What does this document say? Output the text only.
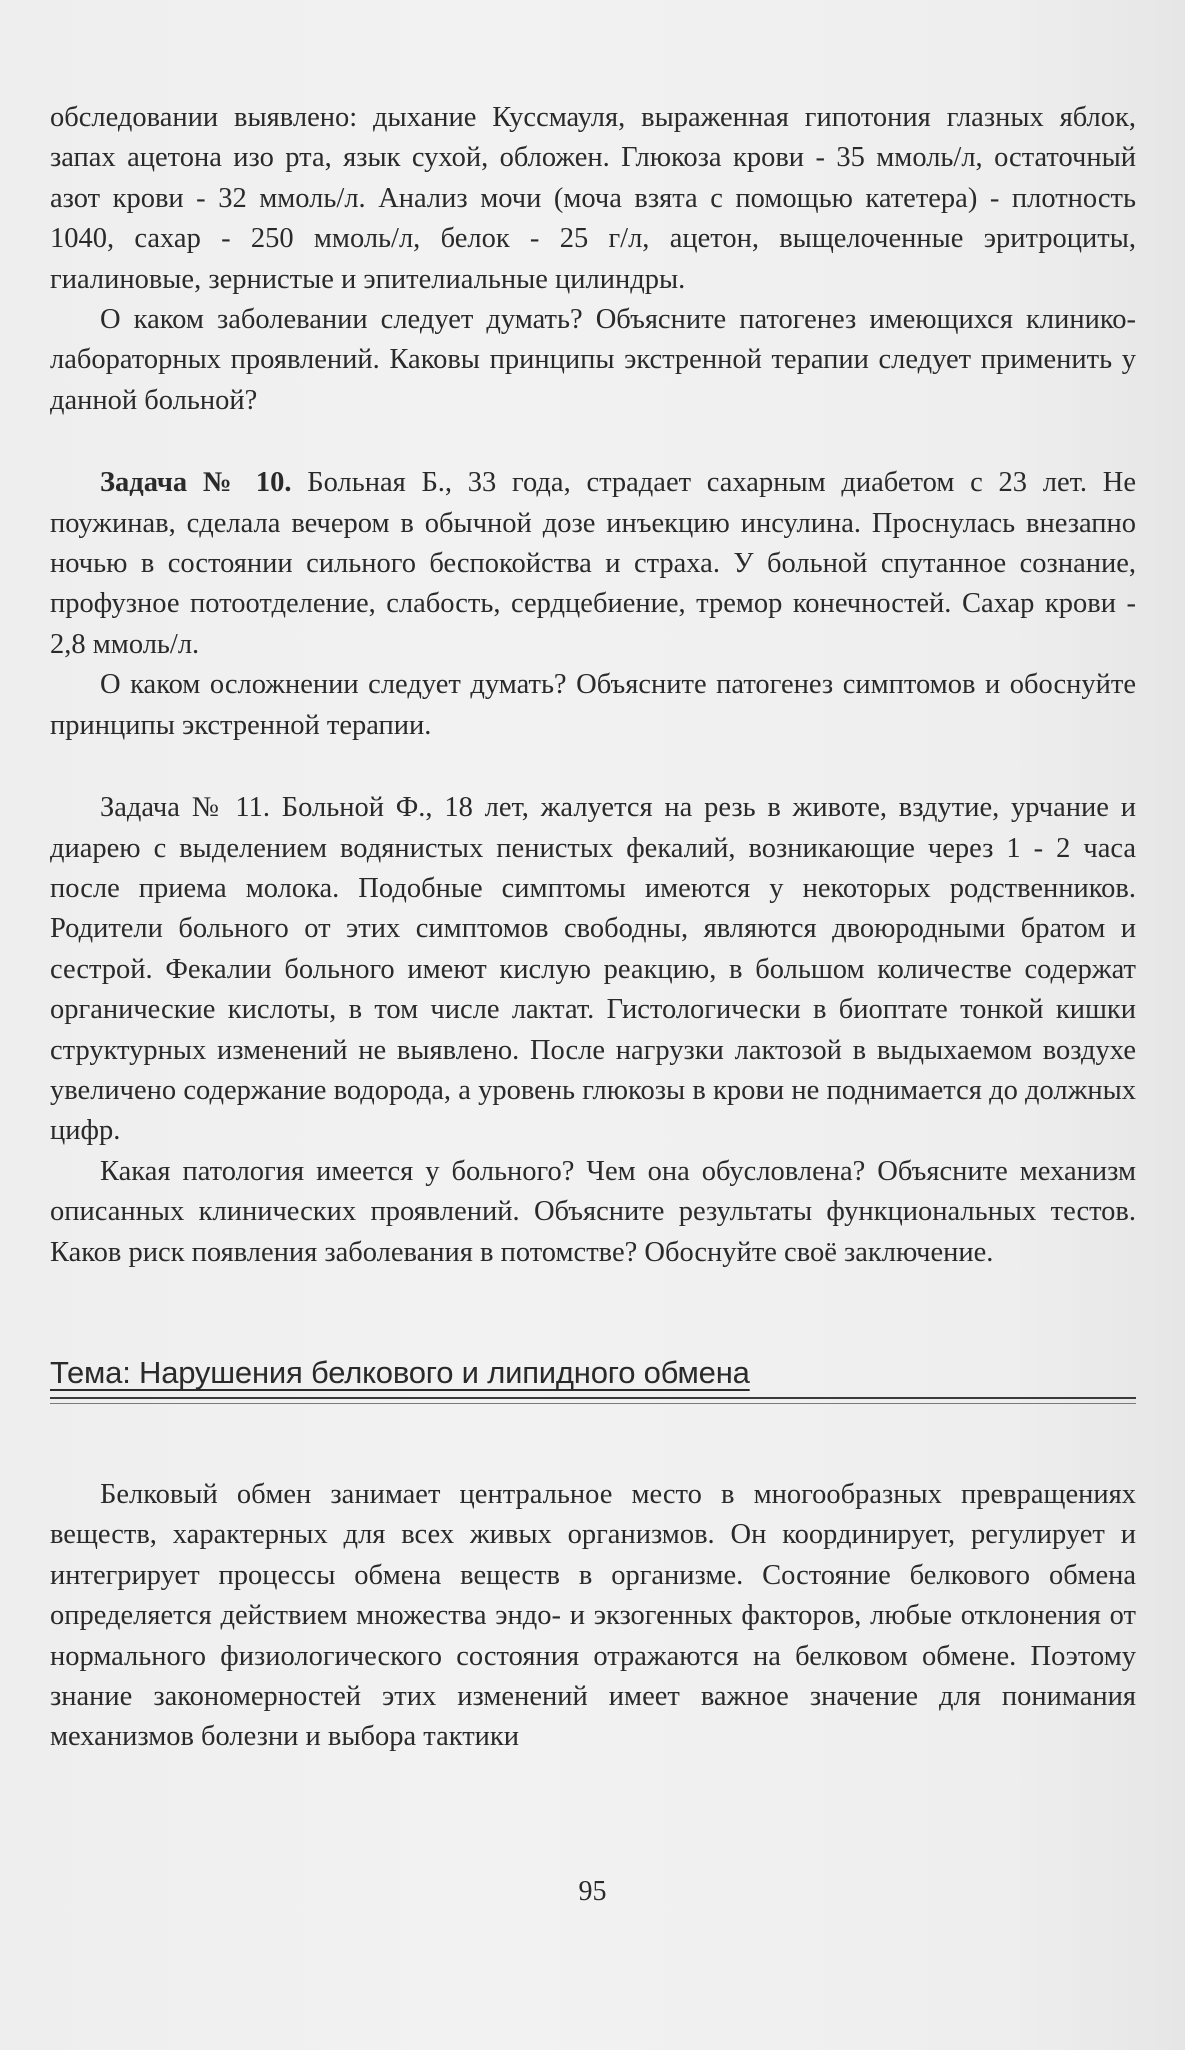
обследовании выявлено: дыхание Куссмауля, выраженная гипотония глазных яблок, запах ацетона изо рта, язык сухой, обложен. Глюкоза крови - 35 ммоль/л, остаточный азот крови - 32 ммоль/л. Анализ мочи (моча взята с помощью катетера) - плотность 1040, сахар - 250 ммоль/л, белок - 25 г/л, ацетон, выщелоченные эритроциты, гиалиновые, зернистые и эпителиальные цилиндры.

О каком заболевании следует думать? Объясните патогенез имеющихся клинико-лабораторных проявлений. Каковы принципы экстренной терапии следует применить у данной больной?

Задача № 10. Больная Б., 33 года, страдает сахарным диабетом с 23 лет. Не поужинав, сделала вечером в обычной дозе инъекцию инсулина. Проснулась внезапно ночью в состоянии сильного беспокойства и страха. У больной спутанное сознание, профузное потоотделение, слабость, сердцебиение, тремор конечностей. Сахар крови - 2,8 ммоль/л.

О каком осложнении следует думать? Объясните патогенез симптомов и обоснуйте принципы экстренной терапии.

Задача № 11. Больной Ф., 18 лет, жалуется на резь в животе, вздутие, урчание и диарею с выделением водянистых пенистых фекалий, возникающие через 1 - 2 часа после приема молока. Подобные симптомы имеются у некоторых родственников. Родители больного от этих симптомов свободны, являются двоюродными братом и сестрой. Фекалии больного имеют кислую реакцию, в большом количестве содержат органические кислоты, в том числе лактат. Гистологически в биоптате тонкой кишки структурных изменений не выявлено. После нагрузки лактозой в выдыхаемом воздухе увеличено содержание водорода, а уровень глюкозы в крови не поднимается до должных цифр.

Какая патология имеется у больного? Чем она обусловлена? Объясните механизм описанных клинических проявлений. Объясните результаты функциональных тестов. Каков риск появления заболевания в потомстве? Обоснуйте своё заключение.

Тема: Нарушения белкового и липидного обмена

Белковый обмен занимает центральное место в многообразных превращениях веществ, характерных для всех живых организмов. Он координирует, регулирует и интегрирует процессы обмена веществ в организме. Состояние белкового обмена определяется действием множества эндо- и экзогенных факторов, любые отклонения от нормального физиологического состояния отражаются на белковом обмене. Поэтому знание закономерностей этих изменений имеет важное значение для понимания механизмов болезни и выбора тактики

95
